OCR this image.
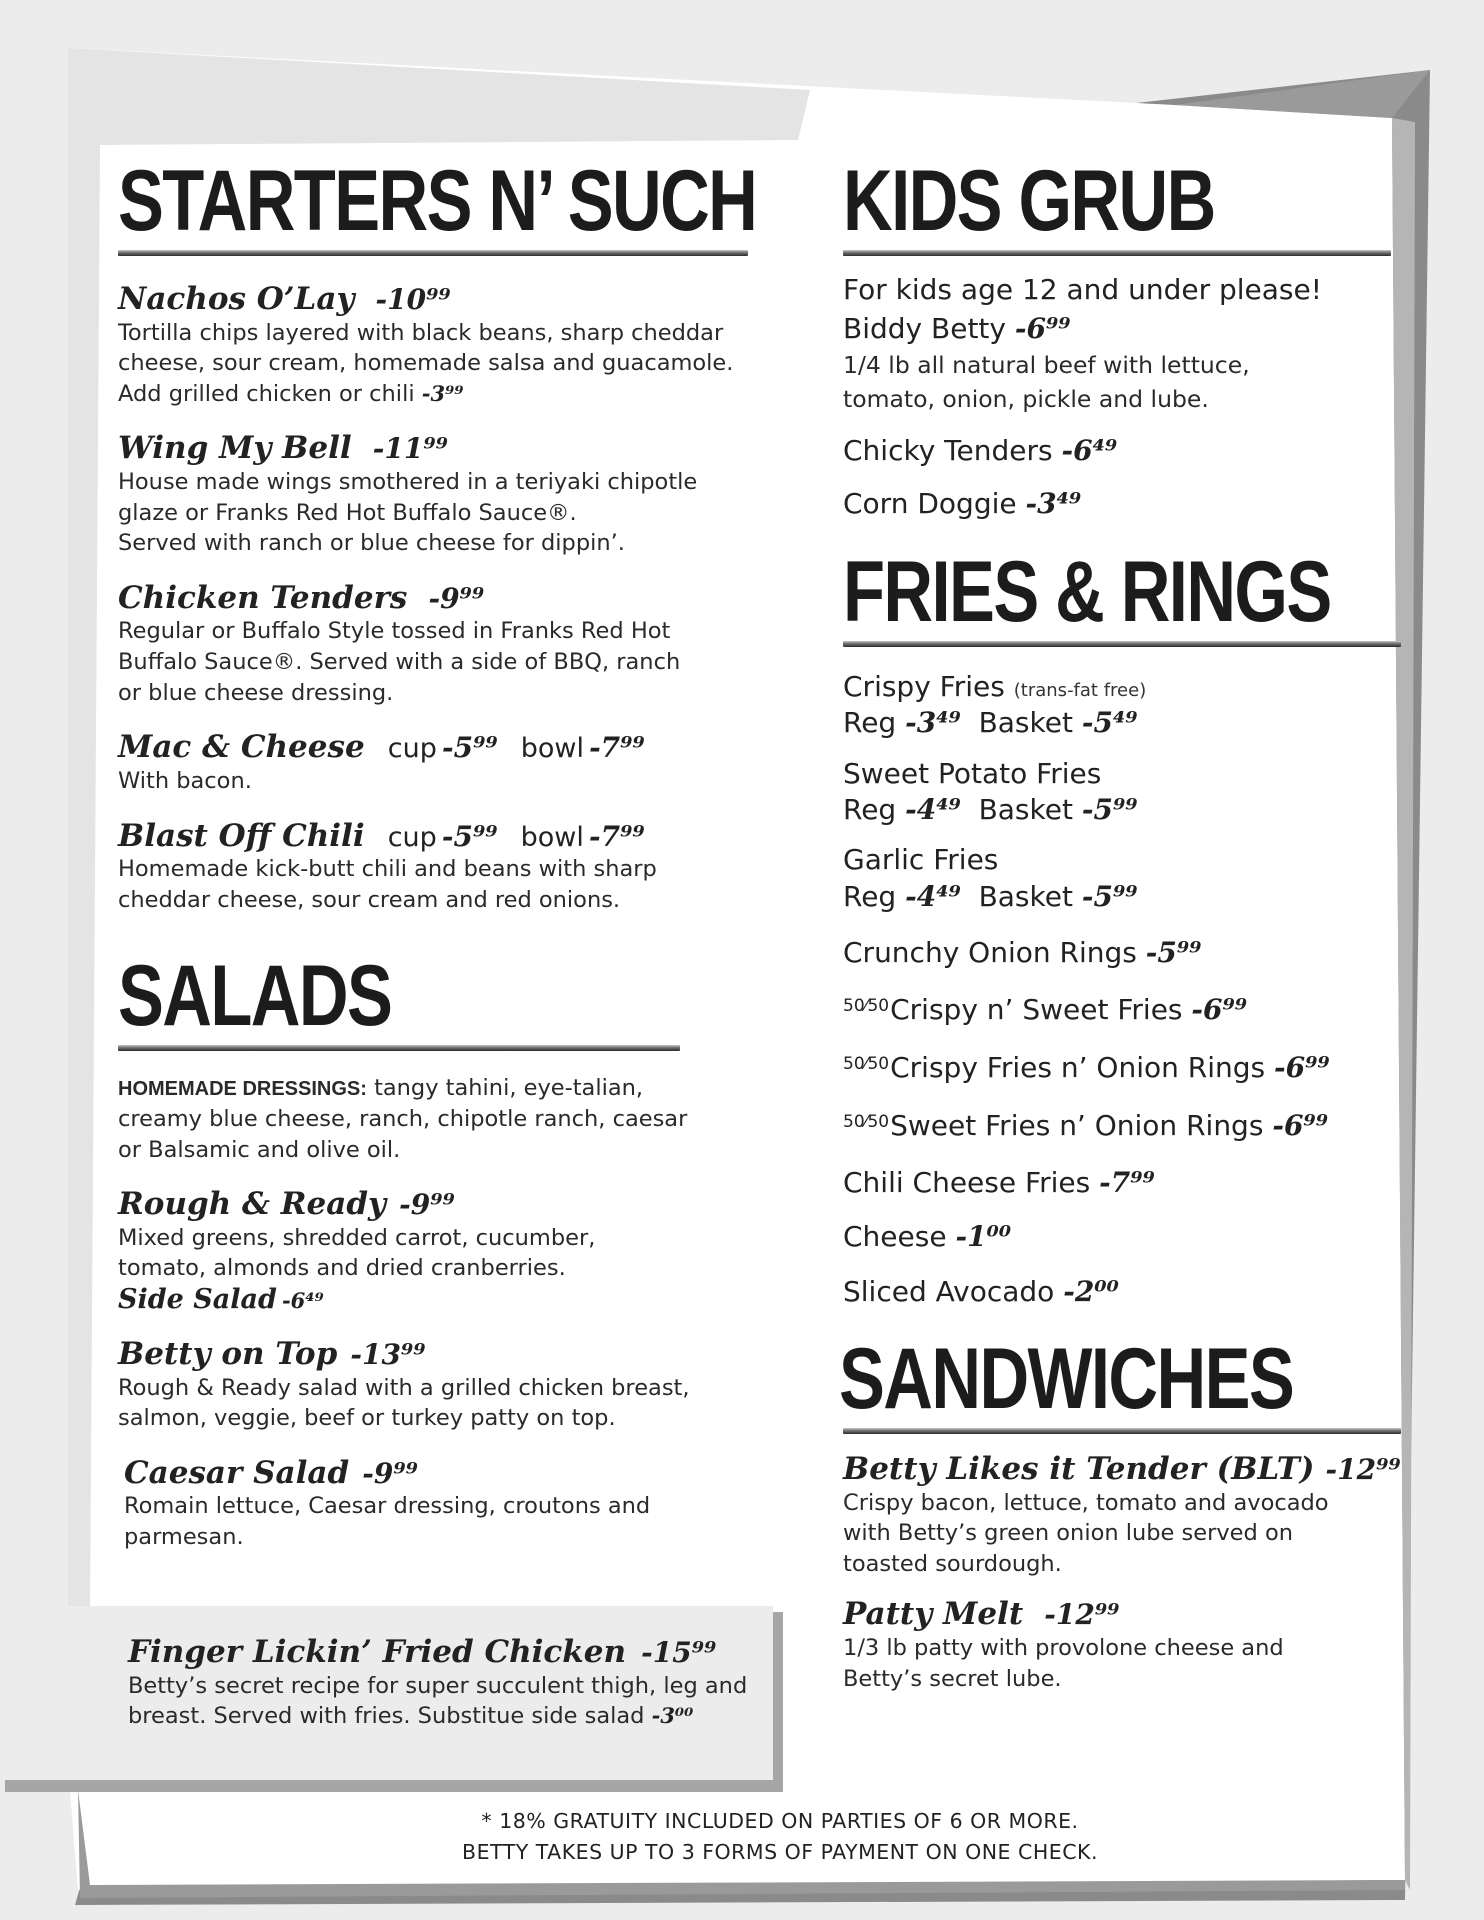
STARTERS N’ SUCH
Nachos O’Lay -10⁹⁹
Tortilla chips layered with black beans, sharp cheddar
cheese, sour cream, homemade salsa and guacamole.
Add grilled chicken or chili -3⁹⁹
Wing My Bell -11⁹⁹
House made wings smothered in a teriyaki chipotle
glaze or Franks Red Hot Buffalo Sauce®.
Served with ranch or blue cheese for dippin’.
Chicken Tenders -9⁹⁹
Regular or Buffalo Style tossed in Franks Red Hot
Buffalo Sauce®. Served with a side of BBQ, ranch
or blue cheese dressing.
Mac & Cheese cup -5⁹⁹ bowl -7⁹⁹
With bacon.
Blast Off Chili cup -5⁹⁹ bowl -7⁹⁹
Homemade kick-butt chili and beans with sharp
cheddar cheese, sour cream and red onions.
SALADS
HOMEMADE DRESSINGS: tangy tahini, eye-talian,
creamy blue cheese, ranch, chipotle ranch, caesar
or Balsamic and olive oil.
Rough & Ready -9⁹⁹
Mixed greens, shredded carrot, cucumber,
tomato, almonds and dried cranberries.
Side Salad -6⁴⁹
Betty on Top -13⁹⁹
Rough & Ready salad with a grilled chicken breast,
salmon, veggie, beef or turkey patty on top.
Caesar Salad -9⁹⁹
Romain lettuce, Caesar dressing, croutons and parmesan.
Finger Lickin’ Fried Chicken -15⁹⁹
Betty’s secret recipe for super succulent thigh, leg and
breast. Served with fries. Substitue side salad -3⁰⁰
KIDS GRUB
For kids age 12 and under please!
Biddy Betty -6⁹⁹
1/4 lb all natural beef with lettuce,
tomato, onion, pickle and lube.
Chicky Tenders -6⁴⁹
Corn Doggie -3⁴⁹
FRIES & RINGS
Crispy Fries (trans-fat free)
Reg -3⁴⁹ Basket -5⁴⁹
Sweet Potato Fries
Reg -4⁴⁹ Basket -5⁹⁹
Garlic Fries
Reg -4⁴⁹ Basket -5⁹⁹
Crunchy Onion Rings -5⁹⁹
$^{50⁄50}$Crispy n’ Sweet Fries -6⁹⁹
$^{50⁄50}$Crispy Fries n’ Onion Rings -6⁹⁹
$^{50⁄50}$Sweet Fries n’ Onion Rings -6⁹⁹
Chili Cheese Fries -7⁹⁹
Cheese -1⁰⁰
Sliced Avocado -2⁰⁰
SANDWICHES
Betty Likes it Tender (BLT) -12⁹⁹
Crispy bacon, lettuce, tomato and avocado
with Betty’s green onion lube served on
toasted sourdough.
Patty Melt -12⁹⁹
1/3 lb patty with provolone cheese and
Betty’s secret lube.
* 18% GRATUITY INCLUDED ON PARTIES OF 6 OR MORE.
BETTY TAKES UP TO 3 FORMS OF PAYMENT ON ONE CHECK.
